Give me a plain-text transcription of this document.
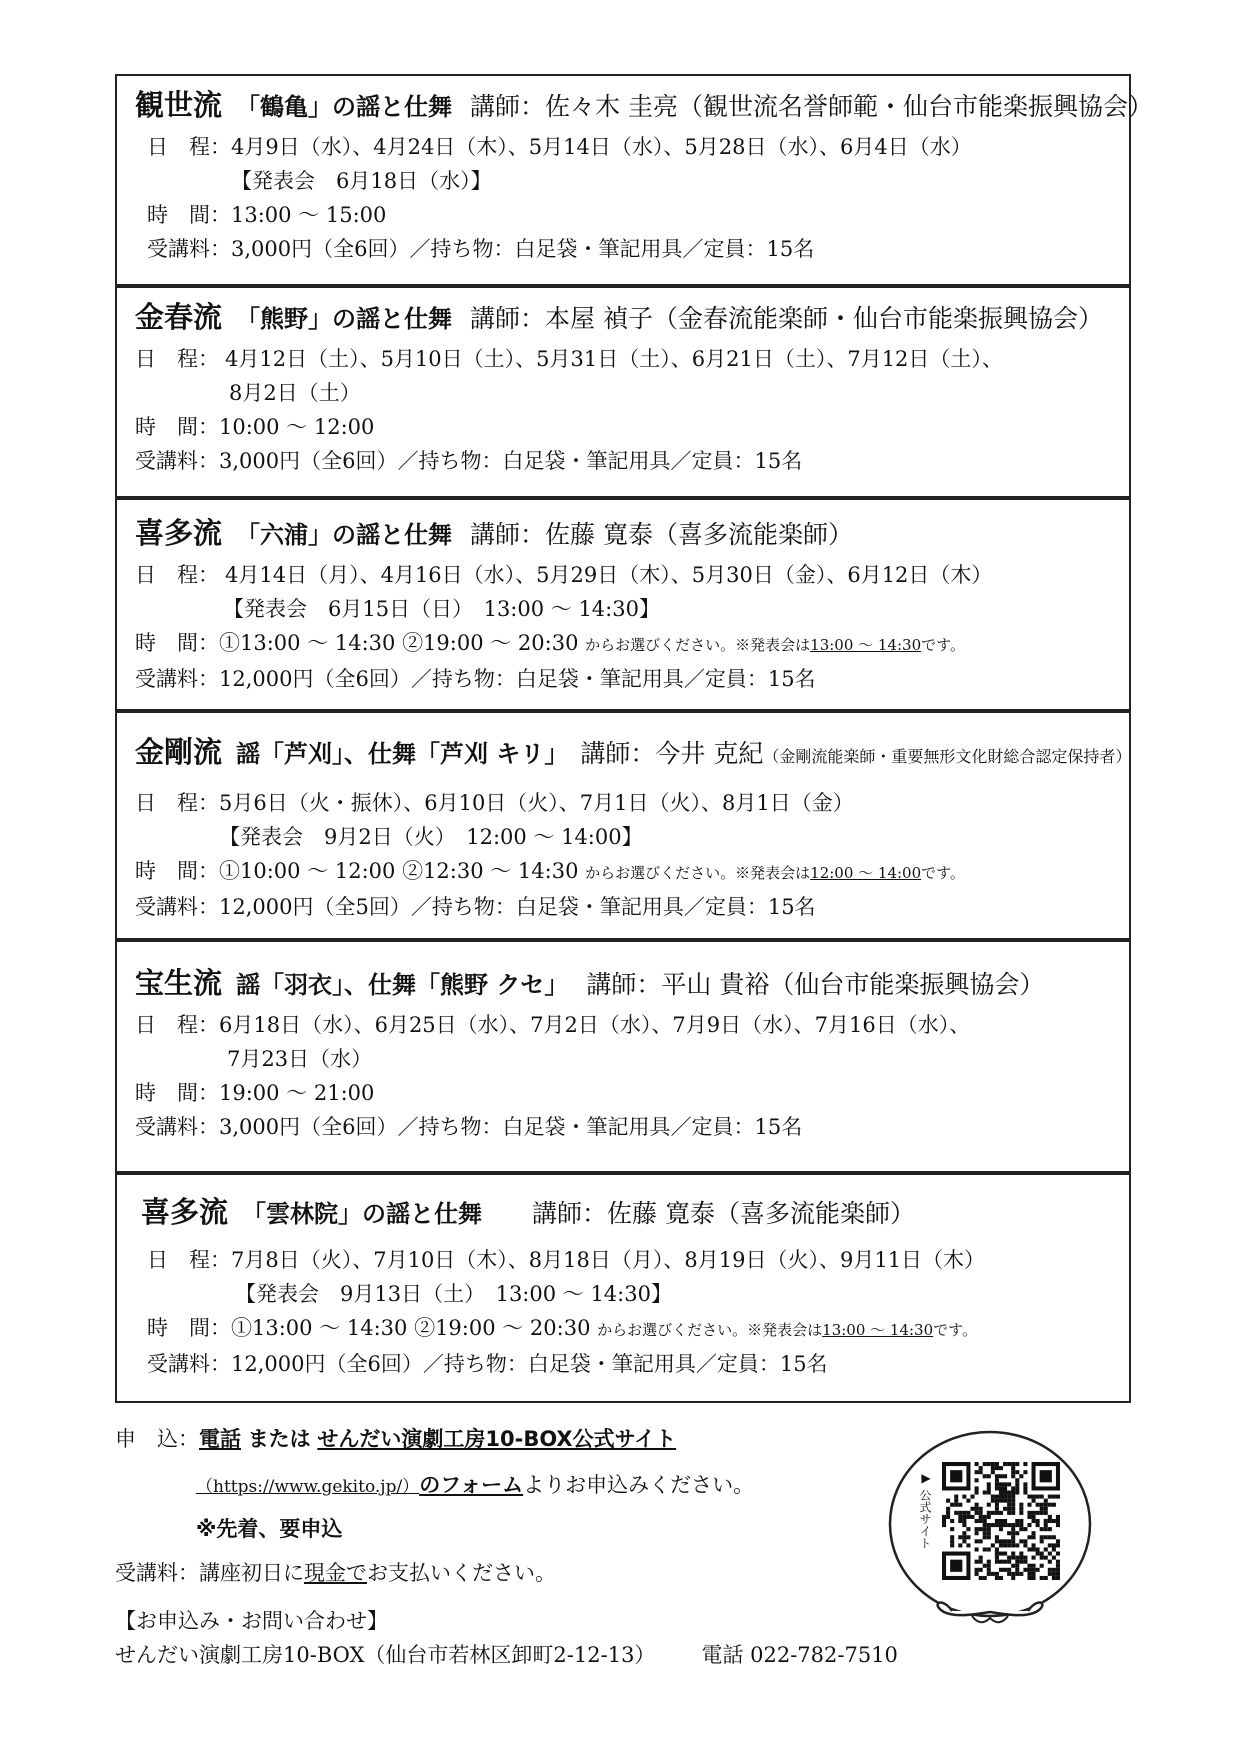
観世流 「鶴亀」の謡と仕舞 講師：佐々木 圭亮（観世流名誉師範・仙台市能楽振興協会）

日　程：4月9日（水）、4月24日（木）、5月14日（水）、5月28日（水）、6月4日（水）
【発表会　6月18日（水）】
時　間：13:00 〜 15:00
受講料：3,000円（全6回）／持ち物：白足袋・筆記用具／定員：15名

金春流 「熊野」の謡と仕舞 講師：本屋 禎子（金春流能楽師・仙台市能楽振興協会）

日　程： 4月12日（土）、5月10日（土）、5月31日（土）、6月21日（土）、7月12日（土）、
8月2日（土）
時　間：10:00 〜 12:00
受講料：3,000円（全6回）／持ち物：白足袋・筆記用具／定員：15名

喜多流 「六浦」の謡と仕舞 講師：佐藤 寛泰（喜多流能楽師）

日　程： 4月14日（月）、4月16日（水）、5月29日（木）、5月30日（金）、6月12日（木）
【発表会　6月15日（日）　13:00 〜 14:30】
時　間：①13:00 〜 14:30 ②19:00 〜 20:30 からお選びください。※発表会は13:00 〜 14:30です。
受講料：12,000円（全6回）／持ち物：白足袋・筆記用具／定員：15名

金剛流 謡「芦刈」、仕舞「芦刈 キリ」 講師：今井 克紀（金剛流能楽師・重要無形文化財総合認定保持者）

日　程：5月6日（火・振休）、6月10日（火）、7月1日（火）、8月1日（金）
【発表会　9月2日（火）　12:00 〜 14:00】
時　間：①10:00 〜 12:00 ②12:30 〜 14:30 からお選びください。※発表会は12:00 〜 14:00です。
受講料：12,000円（全5回）／持ち物：白足袋・筆記用具／定員：15名

宝生流 謡「羽衣」、仕舞「熊野 クセ」 講師：平山 貴裕（仙台市能楽振興協会）

日　程：6月18日（水）、6月25日（水）、7月2日（水）、7月9日（水）、7月16日（水）、
7月23日（水）
時　間：19:00 〜 21:00
受講料：3,000円（全6回）／持ち物：白足袋・筆記用具／定員：15名

喜多流 「雲林院」の謡と仕舞 講師：佐藤 寛泰（喜多流能楽師）

日　程：7月8日（火）、7月10日（木）、8月18日（月）、8月19日（火）、9月11日（木）
【発表会　9月13日（土）　13:00 〜 14:30】
時　間：①13:00 〜 14:30 ②19:00 〜 20:30 からお選びください。※発表会は13:00 〜 14:30です。
受講料：12,000円（全6回）／持ち物：白足袋・筆記用具／定員：15名
申　込：電話 または せんだい演劇工房10-BOX公式サイト
（https://www.gekito.jp/）のフォームよりお申込みください。
※先着、要申込
受講料：講座初日に現金でお支払いください。
【お申込み・お問い合わせ】
せんだい演劇工房10-BOX（仙台市若林区卸町2-12-13） 電話 022-782-7510
▶
公式サイト
